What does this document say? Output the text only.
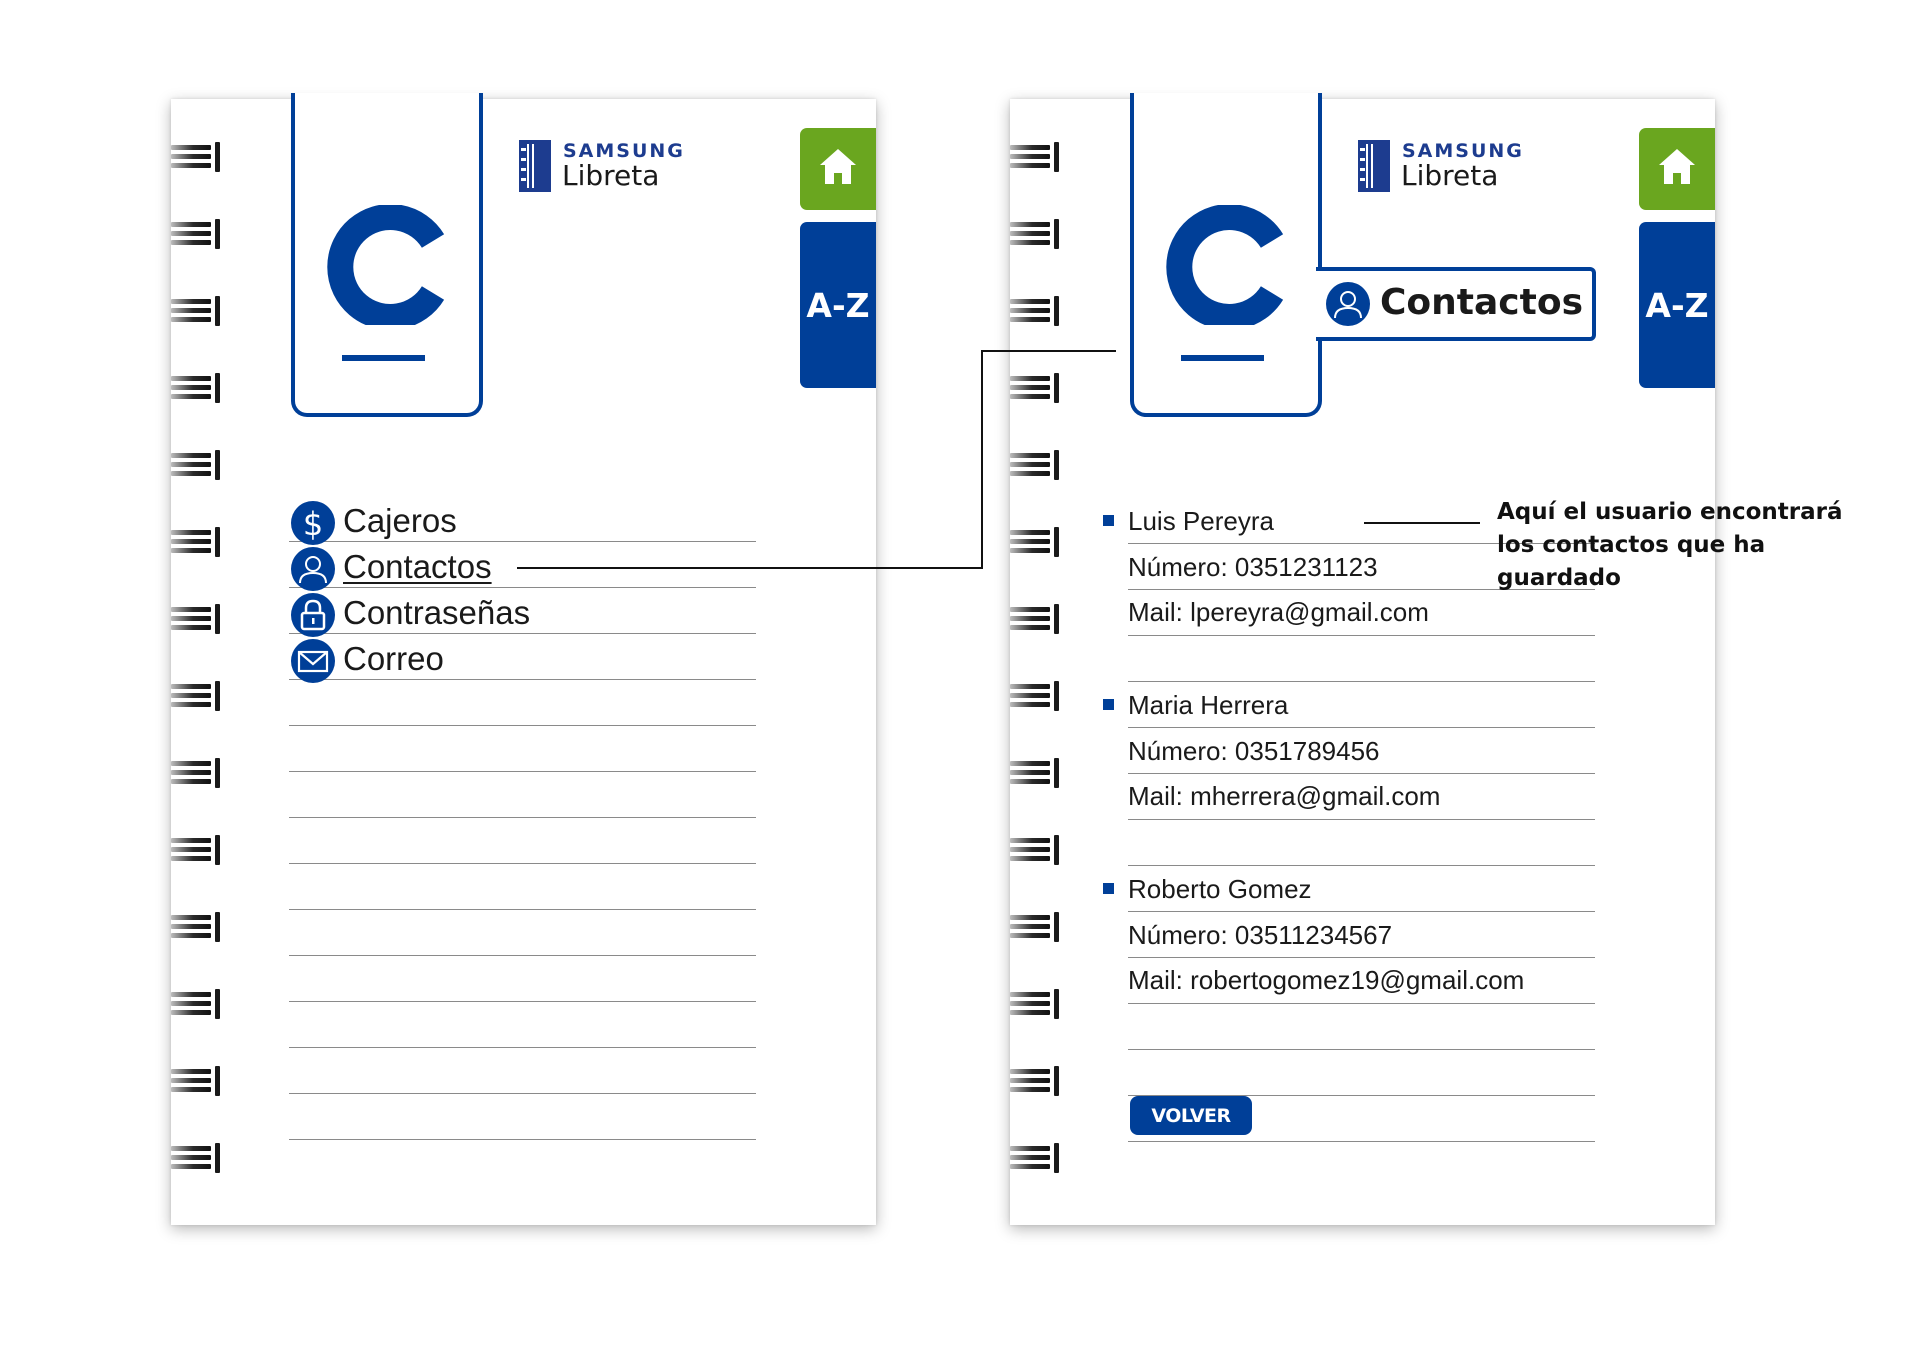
SAMSUNG
Libreta
A-Z
$ Cajeros
Contactos
Contraseñas
Correo
Contactos
SAMSUNG
Libreta
A-Z
Luis Pereyra
Número: 0351231123
Mail: lpereyra@gmail.com
Maria Herrera
Número: 0351789456
Mail: mherrera@gmail.com
Roberto Gomez
Número: 03511234567
Mail: robertogomez19@gmail.com
VOLVER
Aquí el usuario encontrará los contactos que ha guardado
